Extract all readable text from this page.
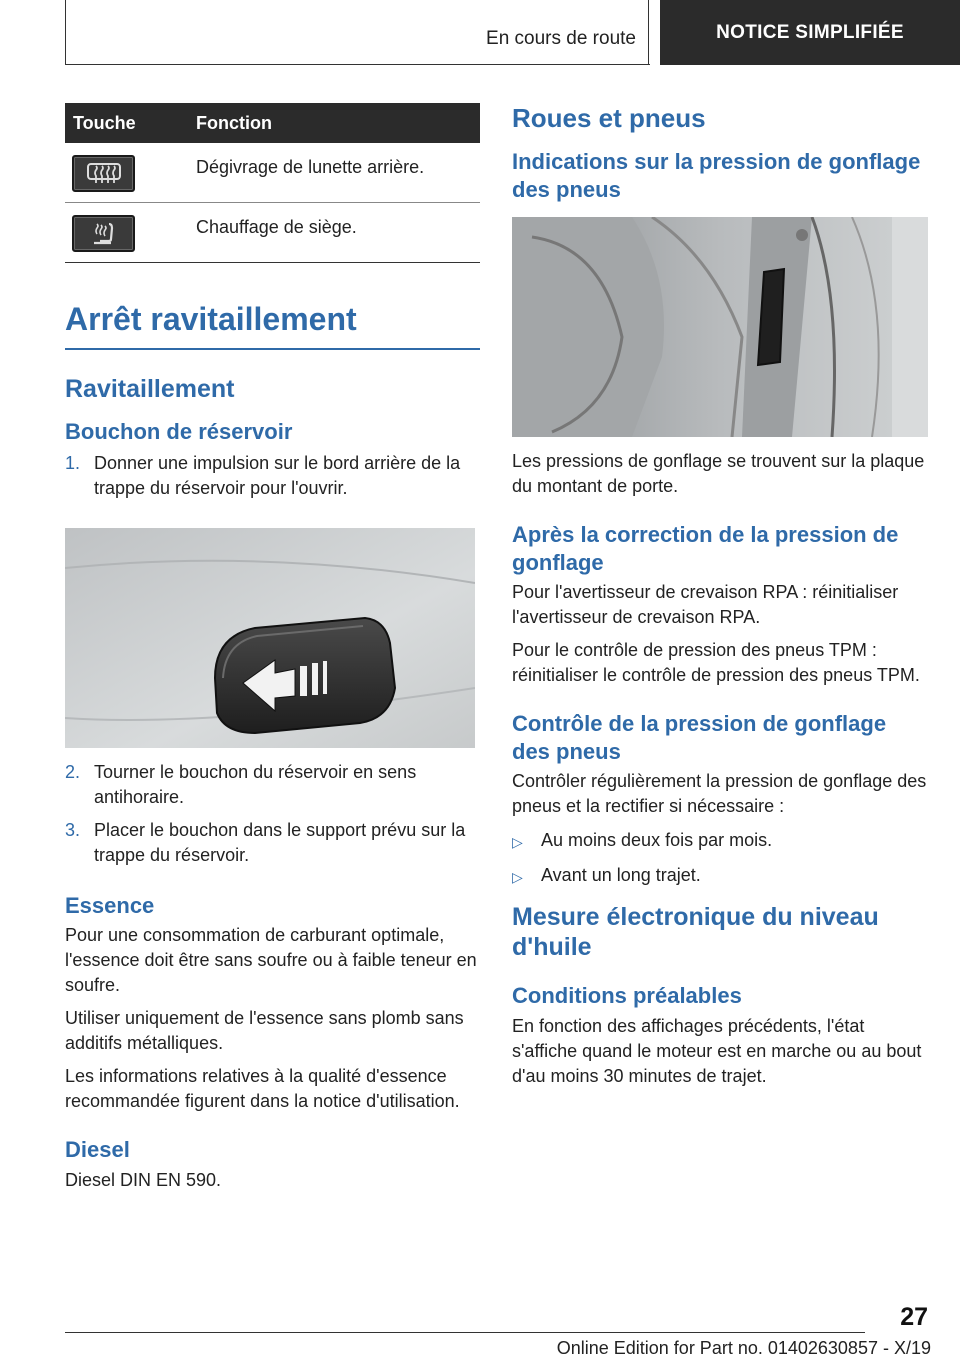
En cours de route	NOTICE SIMPLIFIÉE
Touche	Fonction
Dégivrage de lunette arrière.
Chauffage de siège.
Arrêt ravitaillement
Ravitaillement
Bouchon de réservoir
1. Donner une impulsion sur le bord arrière de la trappe du réservoir pour l'ouvrir.
2. Tourner le bouchon du réservoir en sens antihoraire.
3. Placer le bouchon dans le support prévu sur la trappe du réservoir.
Essence

Pour une consommation de carburant optimale, l'essence doit être sans soufre ou à faible teneur en soufre.

Utiliser uniquement de l'essence sans plomb sans additifs métalliques.

Les informations relatives à la qualité d'essence recommandée figurent dans la notice d'utilisation.

Diesel

Diesel DIN EN 590.

Roues et pneus
Indications sur la pression de gonflage des pneus

Les pressions de gonflage se trouvent sur la plaque du montant de porte.

Après la correction de la pression de gonflage

Pour l'avertisseur de crevaison RPA : réinitialiser l'avertisseur de crevaison RPA.

Pour le contrôle de pression des pneus TPM : réinitialiser le contrôle de pression des pneus TPM.

Contrôle de la pression de gonflage des pneus

Contrôler régulièrement la pression de gonflage des pneus et la rectifier si nécessaire :

▷	Au moins deux fois par mois.
▷	Avant un long trajet.
Mesure électronique du niveau d'huile
Conditions préalables

En fonction des affichages précédents, l'état s'affiche quand le moteur est en marche ou au bout d'au moins 30 minutes de trajet.

27
Online Edition for Part no. 01402630857 - X/19
